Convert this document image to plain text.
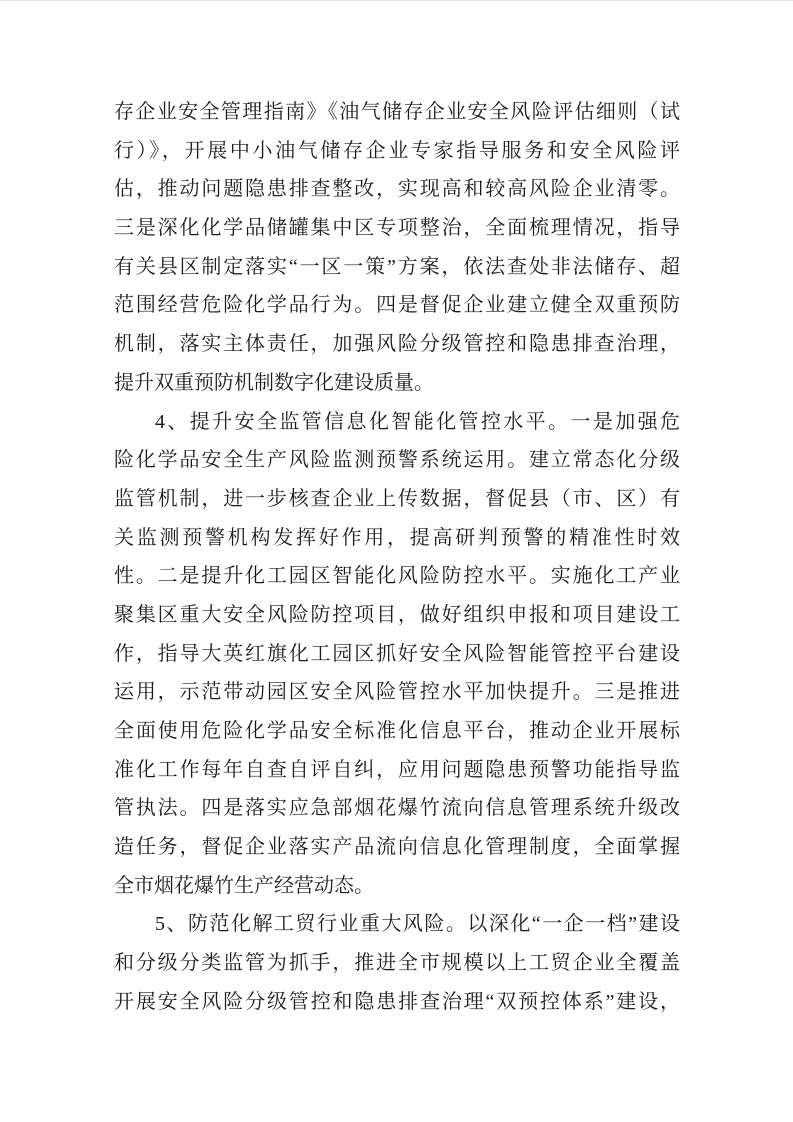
存企业安全管理指南》《油气储存企业安全风险评估细则（试
行）》，开展中小油气储存企业专家指导服务和安全风险评
估，推动问题隐患排查整改，实现高和较高风险企业清零。
三是深化化学品储罐集中区专项整治，全面梳理情况，指导
有关县区制定落实“一区一策”方案，依法查处非法储存、超
范围经营危险化学品行为。四是督促企业建立健全双重预防
机制，落实主体责任，加强风险分级管控和隐患排查治理，
提升双重预防机制数字化建设质量。
4、提升安全监管信息化智能化管控水平。一是加强危
险化学品安全生产风险监测预警系统运用。建立常态化分级
监管机制，进一步核查企业上传数据，督促县（市、区）有
关监测预警机构发挥好作用，提高研判预警的精准性时效
性。二是提升化工园区智能化风险防控水平。实施化工产业
聚集区重大安全风险防控项目，做好组织申报和项目建设工
作，指导大英红旗化工园区抓好安全风险智能管控平台建设
运用，示范带动园区安全风险管控水平加快提升。三是推进
全面使用危险化学品安全标准化信息平台，推动企业开展标
准化工作每年自查自评自纠，应用问题隐患预警功能指导监
管执法。四是落实应急部烟花爆竹流向信息管理系统升级改
造任务，督促企业落实产品流向信息化管理制度，全面掌握
全市烟花爆竹生产经营动态。
5、防范化解工贸行业重大风险。以深化“一企一档”建设
和分级分类监管为抓手，推进全市规模以上工贸企业全覆盖
开展安全风险分级管控和隐患排查治理“双预控体系”建设，
